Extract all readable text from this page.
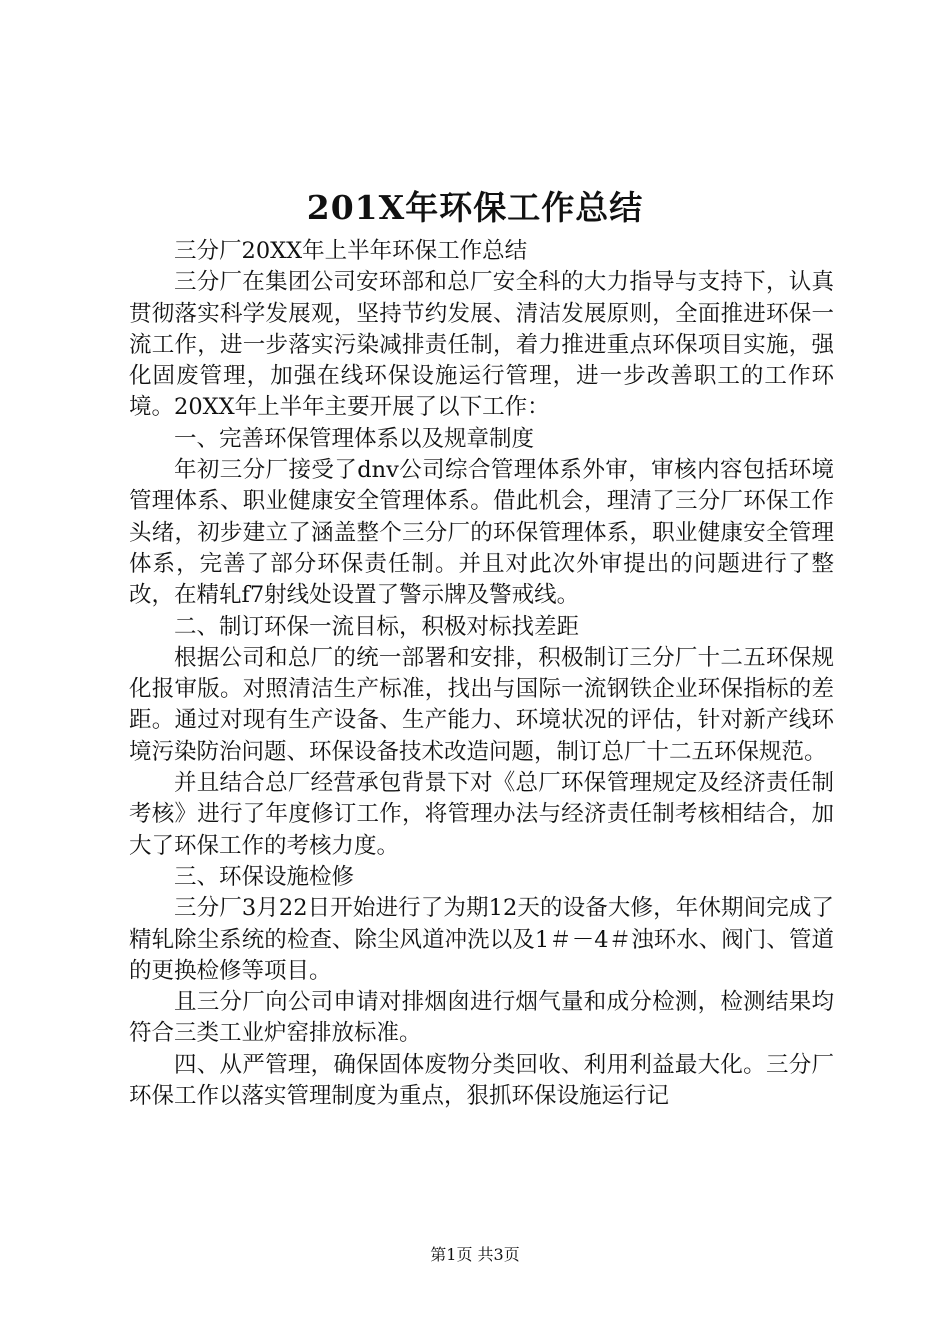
201X年环保工作总结

三分厂20XX年上半年环保工作总结

三分厂在集团公司安环部和总厂安全科的大力指导与支持下，认真贯彻落实科学发展观，坚持节约发展、清洁发展原则，全面推进环保一流工作，进一步落实污染减排责任制，着力推进重点环保项目实施，强化固废管理，加强在线环保设施运行管理，进一步改善职工的工作环境。20XX年上半年主要开展了以下工作：

一、完善环保管理体系以及规章制度

年初三分厂接受了dnv公司综合管理体系外审，审核内容包括环境管理体系、职业健康安全管理体系。借此机会，理清了三分厂环保工作头绪，初步建立了涵盖整个三分厂的环保管理体系，职业健康安全管理体系，完善了部分环保责任制。并且对此次外审提出的问题进行了整改，在精轧f7射线处设置了警示牌及警戒线。

二、制订环保一流目标，积极对标找差距

根据公司和总厂的统一部署和安排，积极制订三分厂十二五环保规化报审版。对照清洁生产标准，找出与国际一流钢铁企业环保指标的差距。通过对现有生产设备、生产能力、环境状况的评估，针对新产线环境污染防治问题、环保设备技术改造问题，制订总厂十二五环保规范。

并且结合总厂经营承包背景下对《总厂环保管理规定及经济责任制考核》进行了年度修订工作，将管理办法与经济责任制考核相结合，加大了环保工作的考核力度。

三、环保设施检修

三分厂3月22日开始进行了为期12天的设备大修，年休期间完成了精轧除尘系统的检查、除尘风道冲洗以及1＃－4＃浊环水、阀门、管道的更换检修等项目。

且三分厂向公司申请对排烟囱进行烟气量和成分检测，检测结果均符合三类工业炉窑排放标准。

四、从严管理，确保固体废物分类回收、利用利益最大化。三分厂环保工作以落实管理制度为重点，狠抓环保设施运行记

第1页 共3页
